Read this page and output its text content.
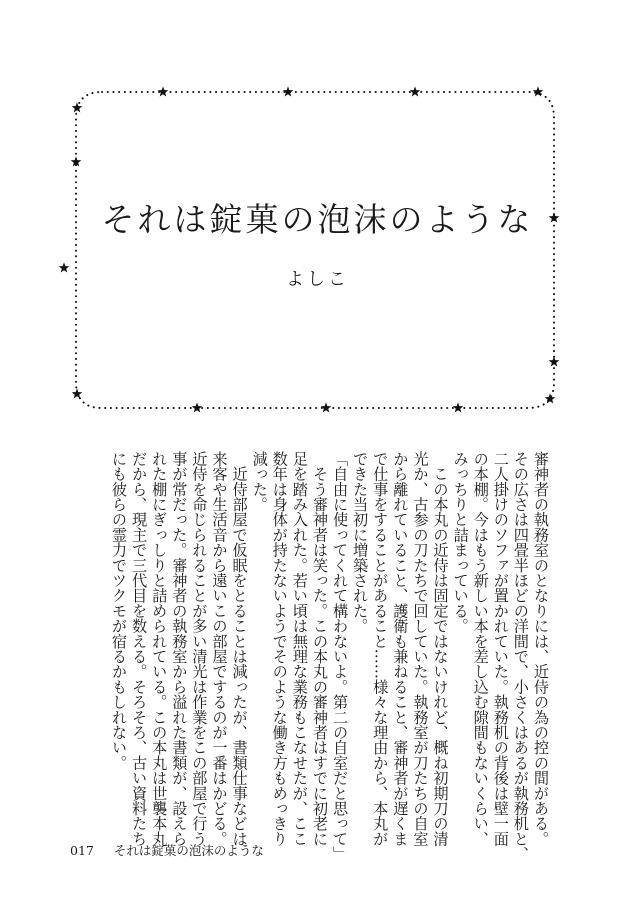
それは錠菓の泡沫のような
よしこ
審神者の執務室のとなりには、近侍の為の控の間がある。
その広さは四畳半ほどの洋間で、小さくはあるが執務机と、
二人掛けのソファが置かれていた。執務机の背後は壁一面
の本棚。今はもう新しい本を差し込む隙間もないくらい、
みっちりと詰まっている。
　この本丸の近侍は固定ではないけれど、概ね初期刀の清
光か、古参の刀たちで回していた。執務室が刀たちの自室
から離れていること、護衛も兼ねること、審神者が遅くま
で仕事をすることがあること……様々な理由から、本丸が
できた当初に増築された。
「自由に使ってくれて構わないよ。第二の自室だと思って」
　そう審神者は笑った。この本丸の審神者はすでに初老に
足を踏み入れた。若い頃は無理な業務もこなせたが、ここ
数年は身体が持たないようでそのような働き方もめっきり
減った。
　近侍部屋で仮眠をとることは減ったが、書類仕事などは
来客や生活音から遠いこの部屋でするのが一番はかどる。
近侍を命じられることが多い清光は作業をこの部屋で行う
事が常だった。審神者の執務室から溢れた書類が、設えら
れた棚にぎっしりと詰められている。この本丸は世襲本丸
だから、現主で三代目を数える。そろそろ、古い資料たち
にも彼らの霊力でツクモが宿るかもしれない。
017 それは錠菓の泡沫のような
